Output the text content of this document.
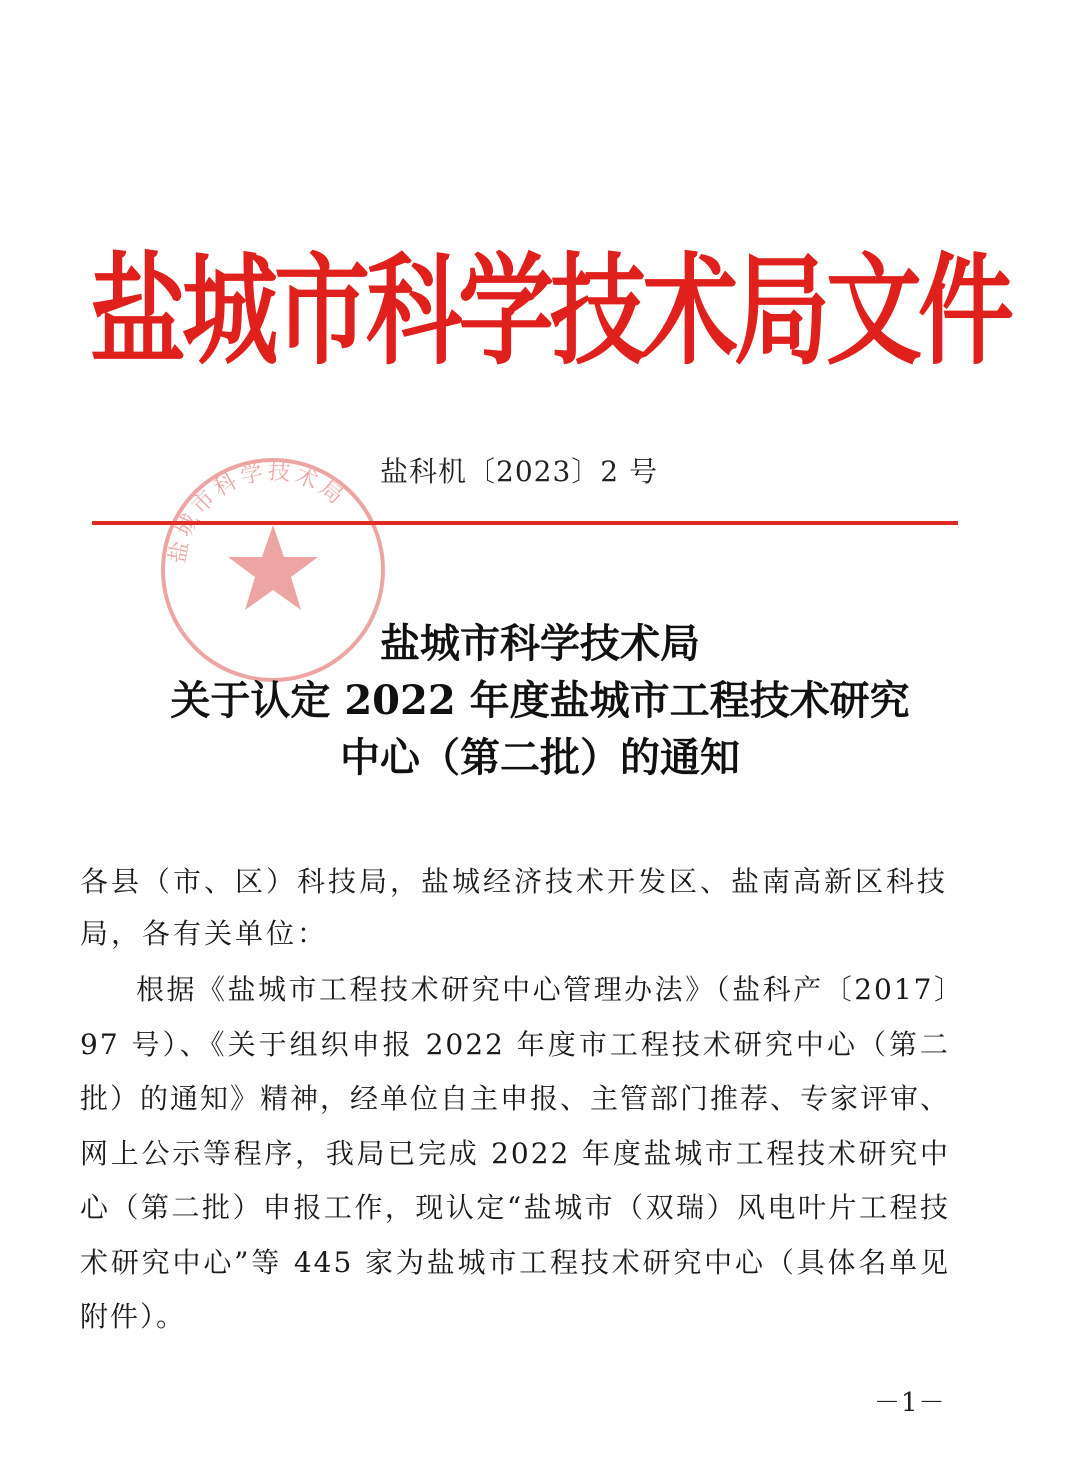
盐城市科学技术局文件
盐科机〔2023〕2 号
盐城市科学技术局
盐城市科学技术局
关于认定 2022 年度盐城市工程技术研究
中心（第二批）的通知
各县（市、区）科技局，盐城经济技术开发区、盐南高新区科技局，各有关单位：
根据《盐城市工程技术研究中心管理办法》（盐科产〔2017〕97 号）、《关于组织申报 2022 年度市工程技术研究中心（第二批）的通知》精神，经单位自主申报、主管部门推荐、专家评审、网上公示等程序，我局已完成 2022 年度盐城市工程技术研究中心（第二批）申报工作，现认定“盐城市（双瑞）风电叶片工程技术研究中心”等 445 家为盐城市工程技术研究中心（具体名单见附件）。
－1－
